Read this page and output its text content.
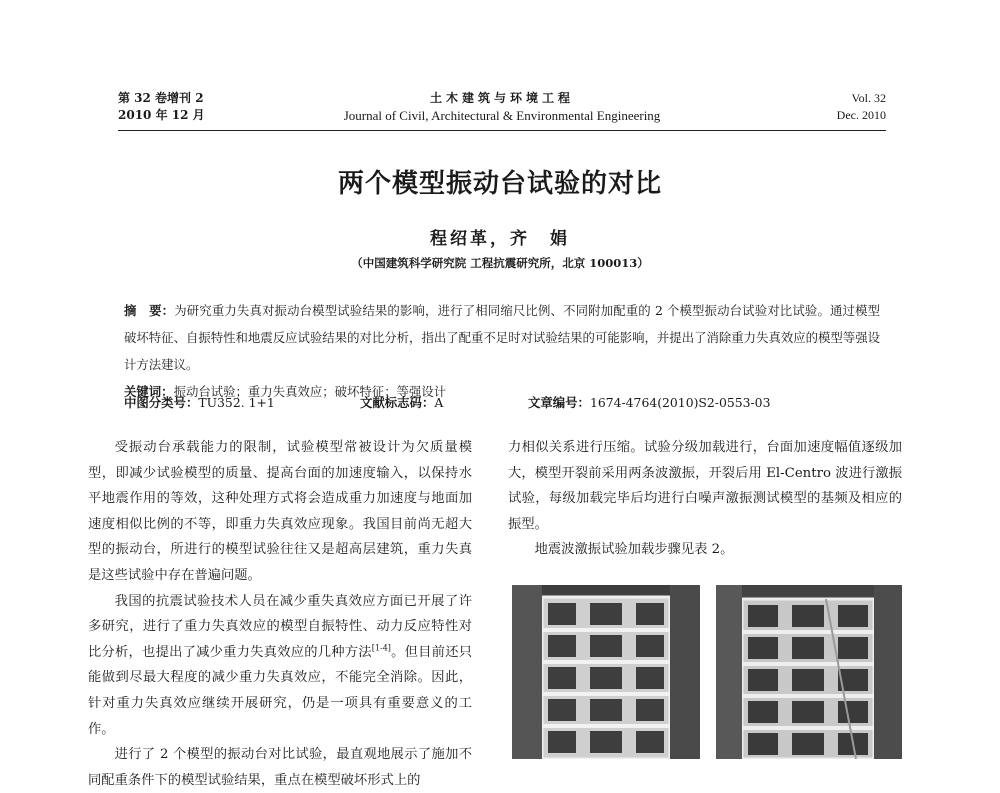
第 32 卷增刊 2
2010 年 12 月
土木建筑与环境工程
Journal of Civil, Architectural & Environmental Engineering
Vol. 32
Dec. 2010
两个模型振动台试验的对比
程绍革，齐　娟
（中国建筑科学研究院 工程抗震研究所，北京 100013）
摘　要：为研究重力失真对振动台模型试验结果的影响，进行了相同缩尺比例、不同附加配重的 2 个模型振动台试验对比试验。通过模型破坏特征、自振特性和地震反应试验结果的对比分析，指出了配重不足时对试验结果的可能影响，并提出了消除重力失真效应的模型等强设计方法建议。
关键词：振动台试验；重力失真效应；破坏特征；等强设计
中图分类号：TU352. 1+1	文献标志码：A	文章编号：1674-4764(2010)S2-0553-03

受振动台承载能力的限制，试验模型常被设计为欠质量模型，即减少试验模型的质量、提高台面的加速度输入，以保持水平地震作用的等效，这种处理方式将会造成重力加速度与地面加速度相似比例的不等，即重力失真效应现象。我国目前尚无超大型的振动台，所进行的模型试验往往又是超高层建筑，重力失真是这些试验中存在普遍问题。

我国的抗震试验技术人员在减少重失真效应方面已开展了许多研究，进行了重力失真效应的模型自振特性、动力反应特性对比分析，也提出了减少重力失真效应的几种方法[1-4]。但目前还只能做到尽最大程度的减少重力失真效应，不能完全消除。因此，针对重力失真效应继续开展研究，仍是一项具有重要意义的工作。

进行了 2 个模型的振动台对比试验，最直观地展示了施加不同配重条件下的模型试验结果，重点在模型破坏形式上的

力相似关系进行压缩。试验分级加载进行，台面加速度幅值逐级加大，模型开裂前采用两条波激振，开裂后用 El-Centro 波进行激振试验，每级加载完毕后均进行白噪声激振测试模型的基频及相应的振型。

地震波激振试验加载步骤见表 2。
